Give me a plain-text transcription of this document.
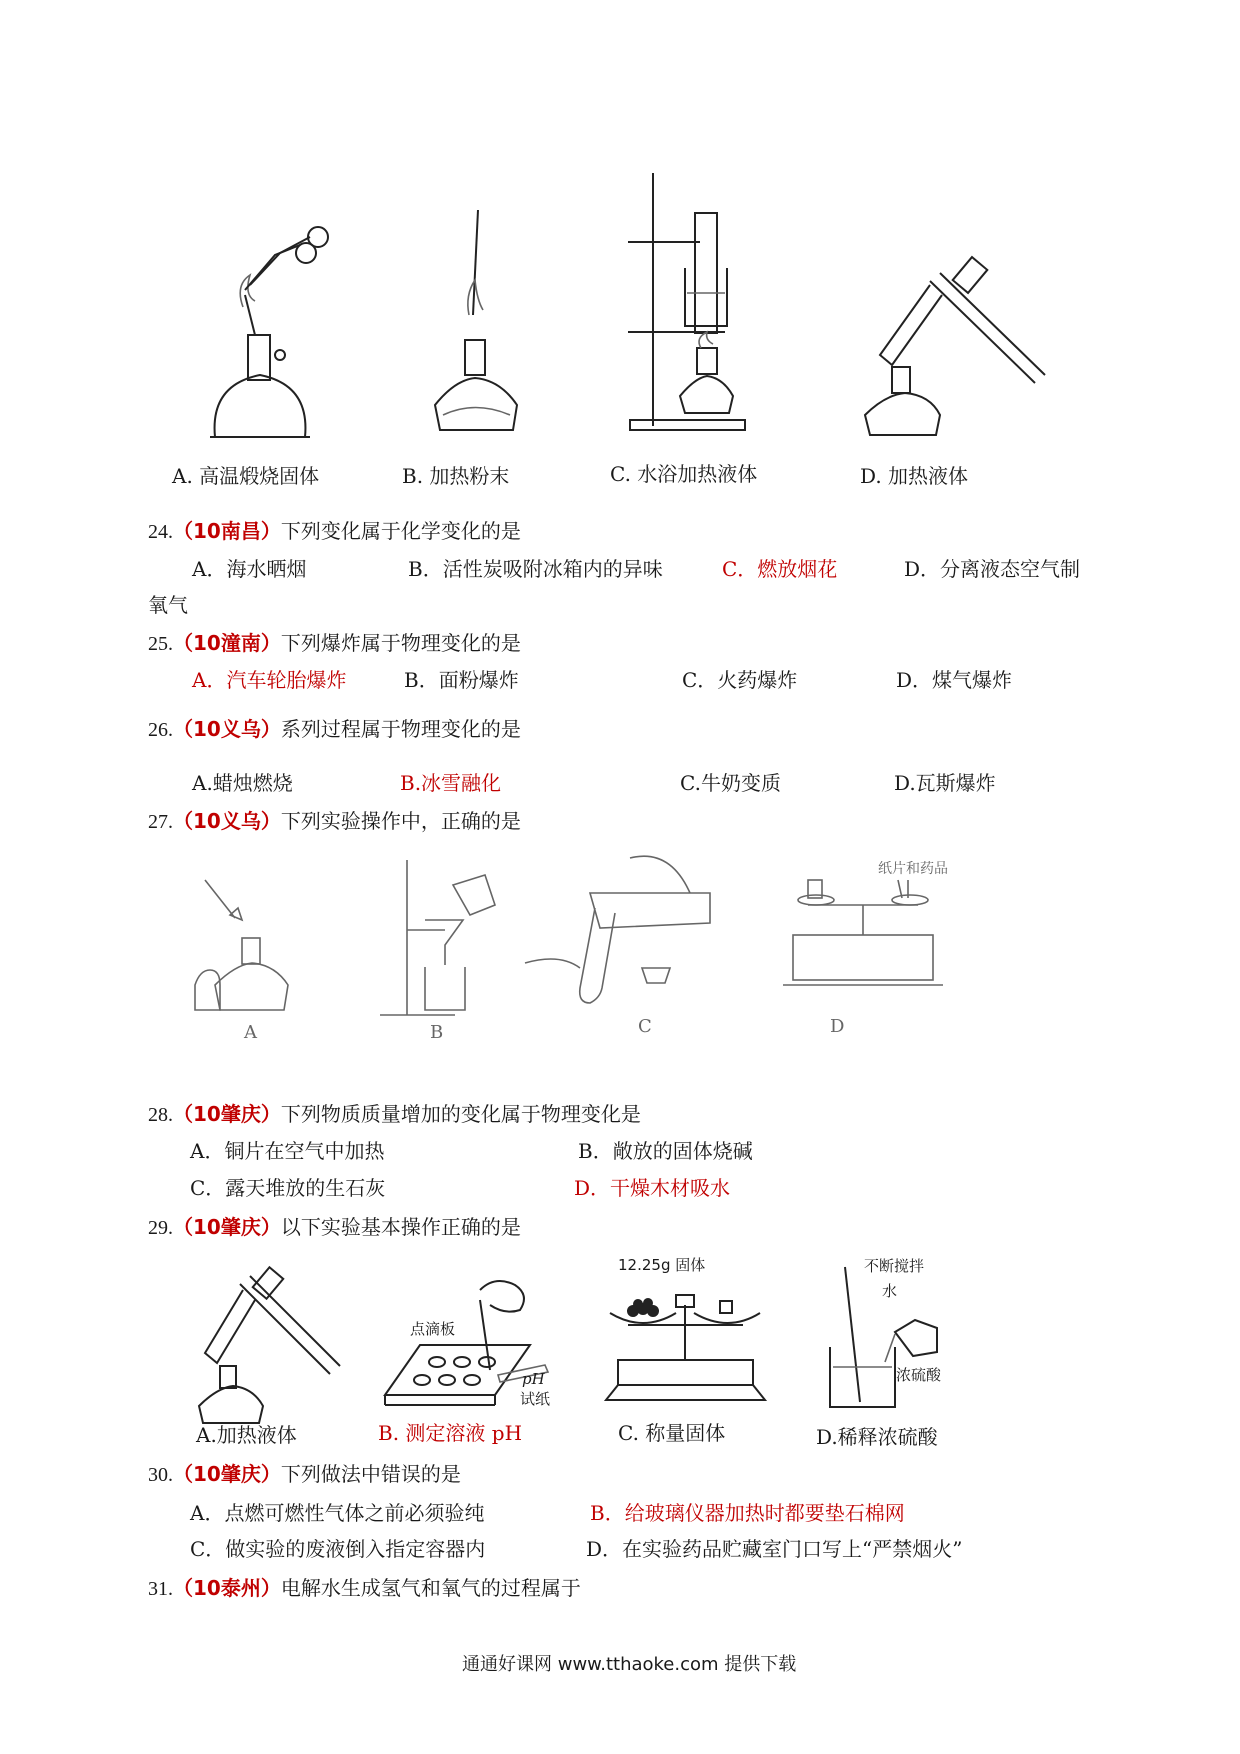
A. 高温煅烧固体	B. 加热粉末	C. 水浴加热液体	D. 加热液体
24.（10南昌）下列变化属于化学变化的是
A．海水晒烟	B．活性炭吸附冰箱内的异味	C．燃放烟花	D．分离液态空气制
氧气
25.（10潼南）下列爆炸属于物理变化的是
A．汽车轮胎爆炸	B．面粉爆炸	C．火药爆炸	D．煤气爆炸
26.（10义乌）系列过程属于物理变化的是
A.蜡烛燃烧	B.冰雪融化	C.牛奶变质	D.瓦斯爆炸
27.（10义乌）下列实验操作中，正确的是
纸片和药品
A	B	C	D
28.（10肇庆）下列物质质量增加的变化属于物理变化是
A．铜片在空气中加热	B．敞放的固体烧碱
C．露天堆放的生石灰	D．干燥木材吸水
29.（10肇庆）以下实验基本操作正确的是
A.加热液体
点滴板
pH
试纸
B. 测定溶液 pH
12.25g 固体
C. 称量固体
不断搅拌
水
浓硫酸
D.稀释浓硫酸
30.（10肇庆）下列做法中错误的是
A．点燃可燃性气体之前必须验纯	B．给玻璃仪器加热时都要垫石棉网
C．做实验的废液倒入指定容器内	D．在实验药品贮藏室门口写上“严禁烟火”
31.（10泰州）电解水生成氢气和氧气的过程属于
通通好课网 www.tthaoke.com 提供下载
